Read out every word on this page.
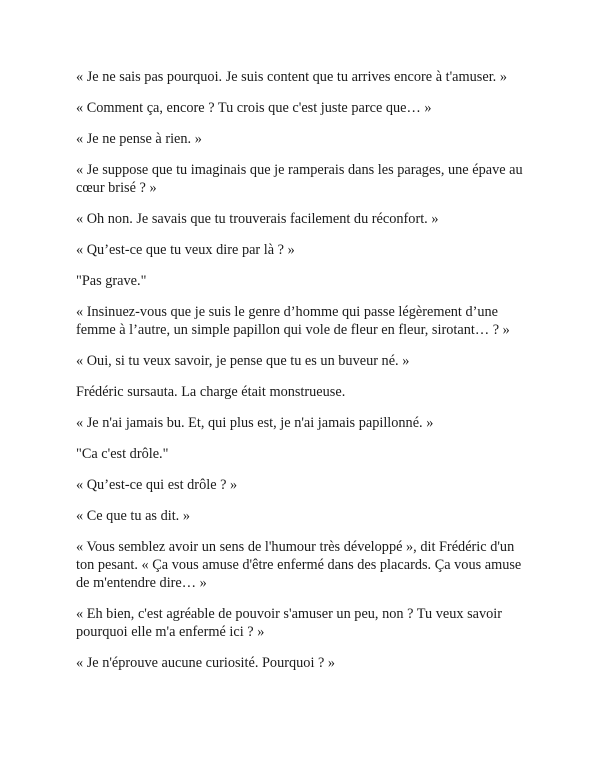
« Je ne sais pas pourquoi. Je suis content que tu arrives encore à t'amuser. »

« Comment ça, encore ? Tu crois que c'est juste parce que… »

« Je ne pense à rien. »

« Je suppose que tu imaginais que je ramperais dans les parages, une épave au cœur brisé ? »

« Oh non. Je savais que tu trouverais facilement du réconfort. »

« Qu’est-ce que tu veux dire par là ? »

"Pas grave."

« Insinuez-vous que je suis le genre d’homme qui passe légèrement d’une femme à l’autre, un simple papillon qui vole de fleur en fleur, sirotant… ? »

« Oui, si tu veux savoir, je pense que tu es un buveur né. »

Frédéric sursauta. La charge était monstrueuse.

« Je n'ai jamais bu. Et, qui plus est, je n'ai jamais papillonné. »

"Ca c'est drôle."

« Qu’est-ce qui est drôle ? »

« Ce que tu as dit. »

« Vous semblez avoir un sens de l'humour très développé », dit Frédéric d'un ton pesant. « Ça vous amuse d'être enfermé dans des placards. Ça vous amuse de m'entendre dire… »

« Eh bien, c'est agréable de pouvoir s'amuser un peu, non ? Tu veux savoir pourquoi elle m'a enfermé ici ? »

« Je n'éprouve aucune curiosité. Pourquoi ? »
